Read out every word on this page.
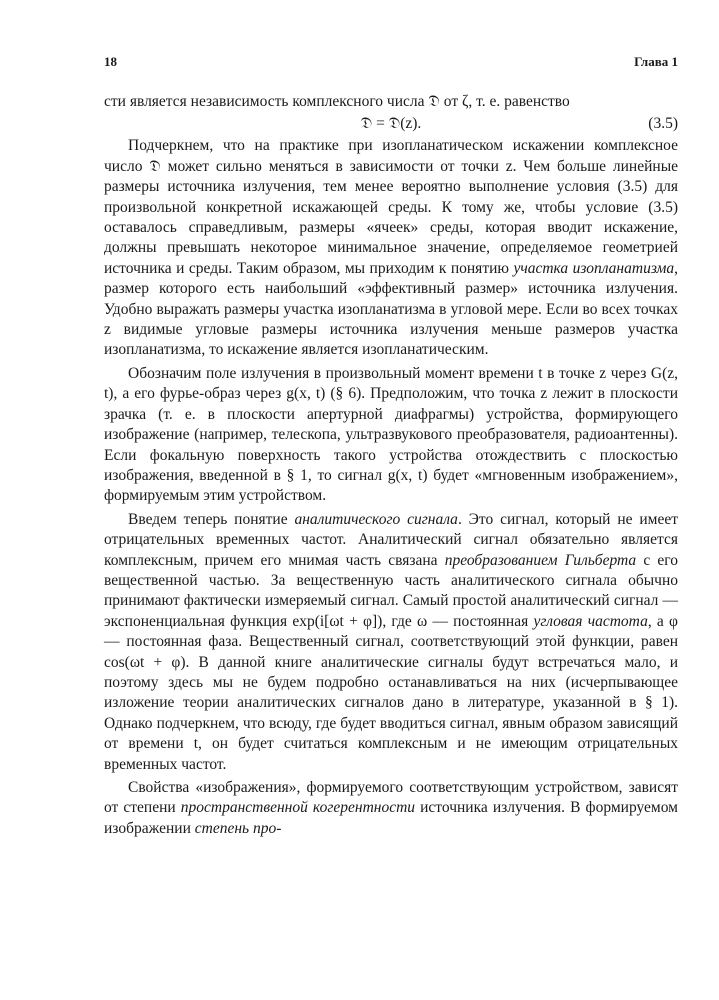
18	Глава 1

сти является независимость комплексного числа 𝔇 от ζ, т. е. равенство

𝔇 = 𝔇(z).	(3.5)

Подчеркнем, что на практике при изопланатическом искажении комплексное число 𝔇 может сильно меняться в зависимости от точки z. Чем больше линейные размеры источника излучения, тем менее вероятно выполнение условия (3.5) для произвольной конкретной искажающей среды. К тому же, чтобы условие (3.5) оставалось справедливым, размеры «ячеек» среды, которая вводит искажение, должны превышать некоторое минимальное значение, определяемое геометрией источника и среды. Таким образом, мы приходим к понятию участка изопланатизма, размер которого есть наибольший «эффективный размер» источника излучения. Удобно выражать размеры участка изопланатизма в угловой мере. Если во всех точках z видимые угловые размеры источника излучения меньше размеров участка изопланатизма, то искажение является изопланатическим.

Обозначим поле излучения в произвольный момент времени t в точке z через G(z, t), а его фурье-образ через g(x, t) (§ 6). Предположим, что точка z лежит в плоскости зрачка (т. е. в плоскости апертурной диафрагмы) устройства, формирующего изображение (например, телескопа, ультразвукового преобразователя, радиоантенны). Если фокальную поверхность такого устройства отождествить с плоскостью изображения, введенной в § 1, то сигнал g(x, t) будет «мгновенным изображением», формируемым этим устройством.

Введем теперь понятие аналитического сигнала. Это сигнал, который не имеет отрицательных временных частот. Аналитический сигнал обязательно является комплексным, причем его мнимая часть связана преобразованием Гильберта с его вещественной частью. За вещественную часть аналитического сигнала обычно принимают фактически измеряемый сигнал. Самый простой аналитический сигнал — экспоненциальная функция exp(i[ωt + φ]), где ω — постоянная угловая частота, а φ — постоянная фаза. Вещественный сигнал, соответствующий этой функции, равен cos(ωt + φ). В данной книге аналитические сигналы будут встречаться мало, и поэтому здесь мы не будем подробно останавливаться на них (исчерпывающее изложение теории аналитических сигналов дано в литературе, указанной в § 1). Однако подчеркнем, что всюду, где будет вводиться сигнал, явным образом зависящий от времени t, он будет считаться комплексным и не имеющим отрицательных временных частот.

Свойства «изображения», формируемого соответствующим устройством, зависят от степени пространственной когерентности источника излучения. В формируемом изображении степень про-
